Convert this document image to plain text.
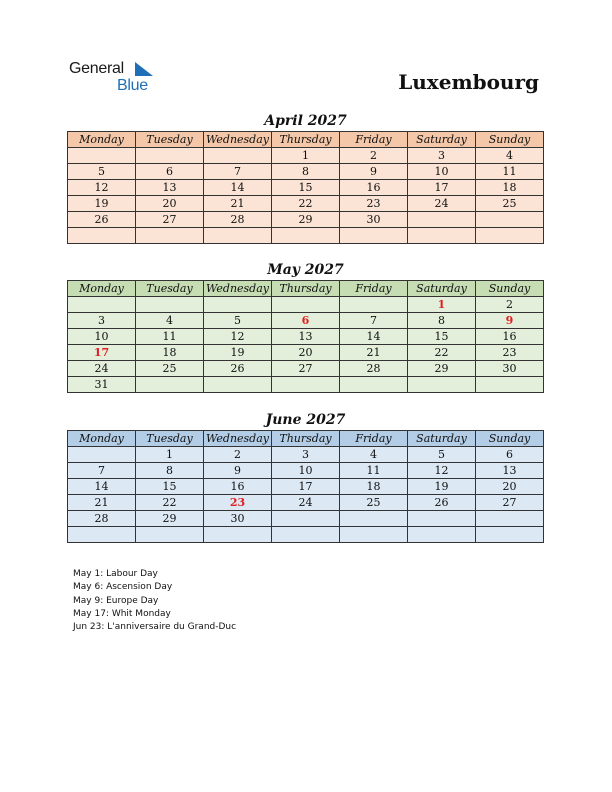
General
Blue	Luxembourg
April 2027
Monday	Tuesday	Wednesday	Thursday	Friday	Saturday	Sunday
			1	2	3	4
5	6	7	8	9	10	11
12	13	14	15	16	17	18
19	20	21	22	23	24	25
26	27	28	29	30		

May 2027
Monday	Tuesday	Wednesday	Thursday	Friday	Saturday	Sunday
					1	2
3	4	5	6	7	8	9
10	11	12	13	14	15	16
17	18	19	20	21	22	23
24	25	26	27	28	29	30
31						
June 2027
Monday	Tuesday	Wednesday	Thursday	Friday	Saturday	Sunday
	1	2	3	4	5	6
7	8	9	10	11	12	13
14	15	16	17	18	19	20
21	22	23	24	25	26	27
28	29	30				

May 1: Labour Day
May 6: Ascension Day
May 9: Europe Day
May 17: Whit Monday
Jun 23: L'anniversaire du Grand-Duc
